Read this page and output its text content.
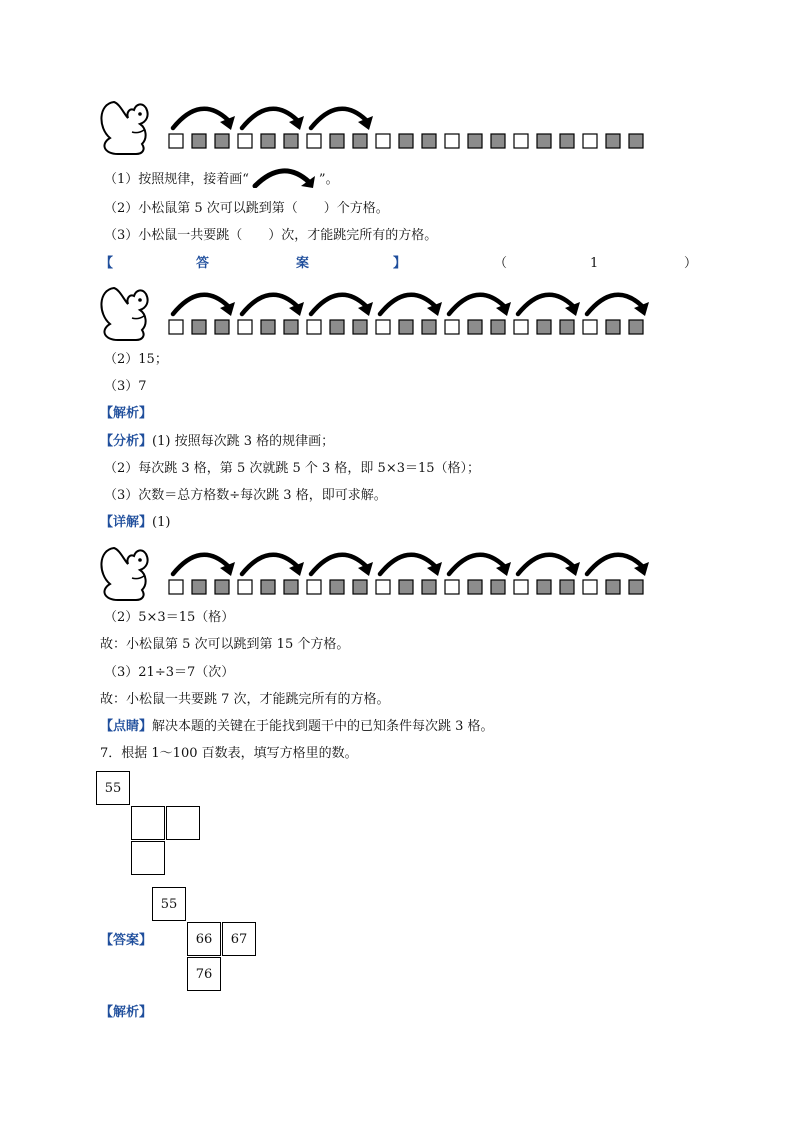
（1）按照规律，接着画“	”。
（2）小松鼠第 5 次可以跳到第（　　）个方格。
（3）小松鼠一共要跳（　　）次，才能跳完所有的方格。
【	答	案	】	（	1	）
（2）15；
（3）7
【解析】
【分析】(1) 按照每次跳 3 格的规律画；
（2）每次跳 3 格，第 5 次就跳 5 个 3 格，即 5×3＝15（格）；
（3）次数＝总方格数÷每次跳 3 格，即可求解。
【详解】(1)
（2）5×3＝15（格）
故：小松鼠第 5 次可以跳到第 15 个方格。
（3）21÷3＝7（次）
故：小松鼠一共要跳 7 次，才能跳完所有的方格。
【点睛】解决本题的关键在于能找到题干中的已知条件每次跳 3 格。
7．根据 1～100 百数表，填写方格里的数。
55
55
【答案】	66	67
76
【解析】
